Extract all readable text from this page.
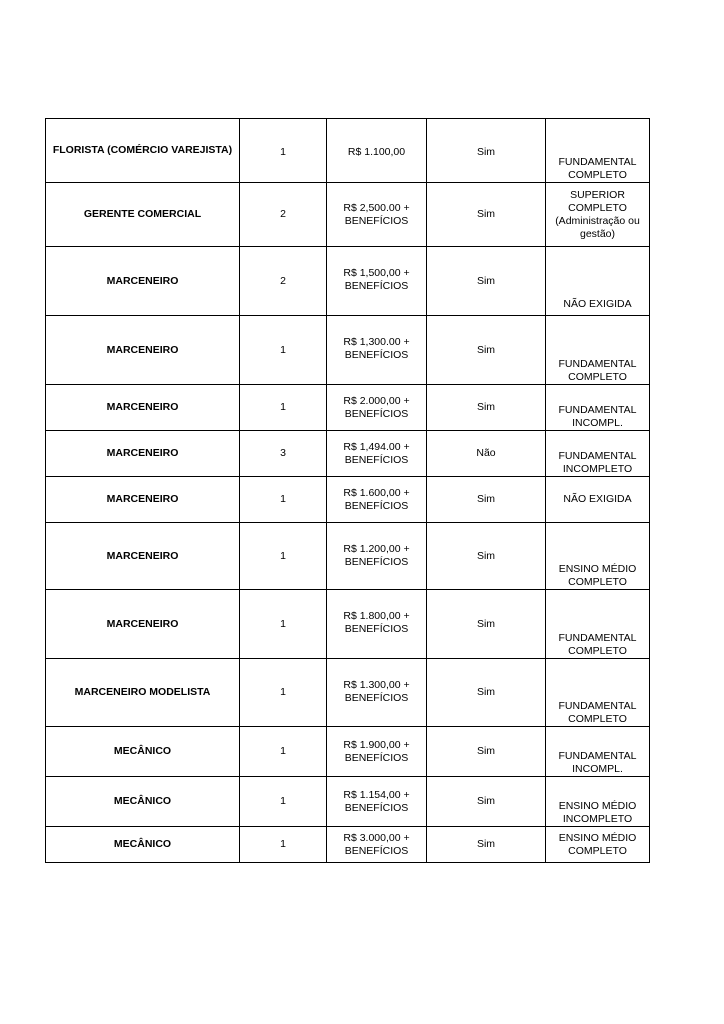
FLORISTA (COMÉRCIO VAREJISTA)	1	R$ 1.100,00	Sim	FUNDAMENTAL
COMPLETO
GERENTE COMERCIAL	2	R$ 2,500.00 +
BENEFÍCIOS	Sim	SUPERIOR
COMPLETO
(Administração ou
gestão)
MARCENEIRO	2	R$ 1,500,00 +
BENEFÍCIOS	Sim	NÃO EXIGIDA
MARCENEIRO	1	R$ 1,300.00 +
BENEFÍCIOS	Sim	FUNDAMENTAL
COMPLETO
MARCENEIRO	1	R$ 2.000,00 +
BENEFÍCIOS	Sim	FUNDAMENTAL
INCOMPL.
MARCENEIRO	3	R$ 1,494.00 +
BENEFÍCIOS	Não	FUNDAMENTAL
INCOMPLETO
MARCENEIRO	1	R$ 1.600,00 +
BENEFÍCIOS	Sim	NÃO EXIGIDA
MARCENEIRO	1	R$ 1.200,00 +
BENEFÍCIOS	Sim	ENSINO MÉDIO
COMPLETO
MARCENEIRO	1	R$ 1.800,00 +
BENEFÍCIOS	Sim	FUNDAMENTAL
COMPLETO
MARCENEIRO MODELISTA	1	R$ 1.300,00 +
BENEFÍCIOS	Sim	FUNDAMENTAL
COMPLETO
MECÂNICO	1	R$ 1.900,00 +
BENEFÍCIOS	Sim	FUNDAMENTAL
INCOMPL.
MECÂNICO	1	R$ 1.154,00 +
BENEFÍCIOS	Sim	ENSINO MÉDIO
INCOMPLETO
MECÂNICO	1	R$ 3.000,00 +
BENEFÍCIOS	Sim	ENSINO MÉDIO
COMPLETO
